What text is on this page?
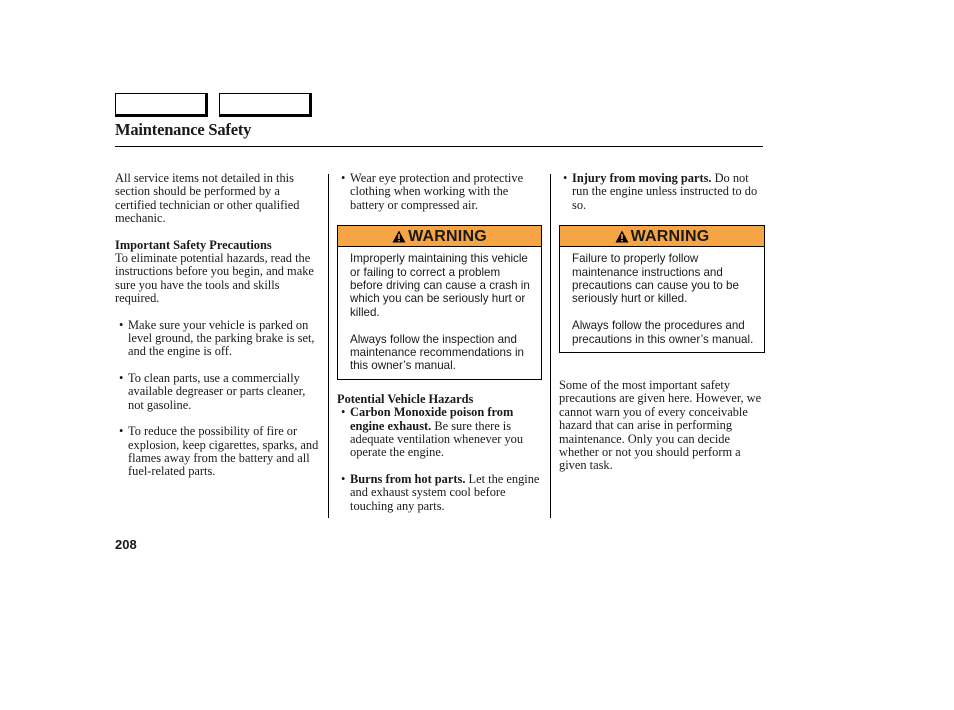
Maintenance Safety

All service items not detailed in this section should be performed by a certified technician or other qualified mechanic.

Important Safety Precautions

To eliminate potential hazards, read the instructions before you begin, and make sure you have the tools and skills required.

• Make sure your vehicle is parked on level ground, the parking brake is set, and the engine is off.
• To clean parts, use a commercially available degreaser or parts cleaner, not gasoline.
• To reduce the possibility of fire or explosion, keep cigarettes, sparks, and flames away from the battery and all fuel-related parts.
• Wear eye protection and protective clothing when working with the battery or compressed air.
WARNING

Improperly maintaining this vehicle or failing to correct a problem before driving can cause a crash in which you can be seriously hurt or killed.

Always follow the inspection and maintenance recommendations in this owner’s manual.

Potential Vehicle Hazards

• Carbon Monoxide poison from engine exhaust. Be sure there is adequate ventilation whenever you operate the engine.
• Burns from hot parts. Let the engine and exhaust system cool before touching any parts.
• Injury from moving parts. Do not run the engine unless instructed to do so.
WARNING

Failure to properly follow maintenance instructions and precautions can cause you to be seriously hurt or killed.

Always follow the procedures and precautions in this owner’s manual.

Some of the most important safety precautions are given here. However, we cannot warn you of every conceivable hazard that can arise in performing maintenance. Only you can decide whether or not you should perform a given task.

208
